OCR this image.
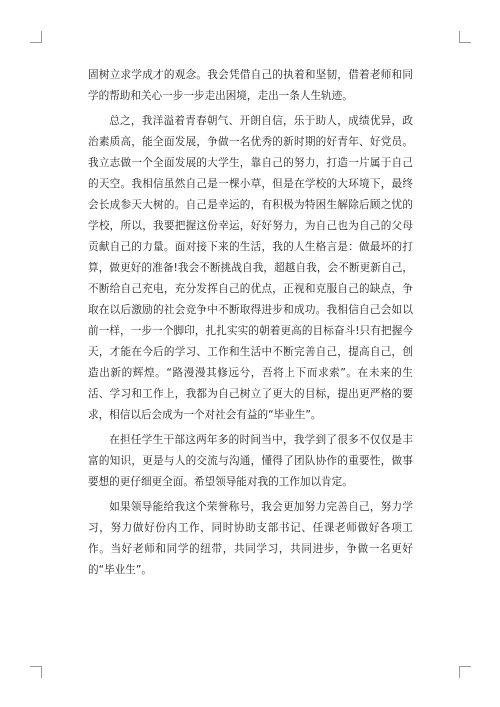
固树立求学成才的观念。我会凭借自己的执着和坚韧，借着老师和同学的帮助和关心一步一步走出困境，走出一条人生轨迹。

总之，我洋溢着青春朝气、开朗自信，乐于助人，成绩优异，政治素质高，能全面发展，争做一名优秀的新时期的好青年、好党员。我立志做一个全面发展的大学生，靠自己的努力，打造一片属于自己的天空。我相信虽然自己是一棵小草，但是在学校的大环境下，最终会长成参天大树的。自己是幸运的，有积极为特困生解除后顾之忧的学校，所以，我要把握这份幸运，好好努力，为自己也为自己的父母贡献自己的力量。面对接下来的生活，我的人生格言是：做最坏的打算，做更好的准备!我会不断挑战自我，超越自我，会不断更新自己，不断给自己充电，充分发挥自己的优点，正视和克服自己的缺点，争取在以后激励的社会竞争中不断取得进步和成功。我相信自己会如以前一样，一步一个脚印，扎扎实实的朝着更高的目标奋斗!只有把握今天，才能在今后的学习、工作和生活中不断完善自己，提高自己，创造出新的辉煌。“路漫漫其修远兮，吾将上下而求索”。在未来的生活、学习和工作上，我都为自己树立了更大的目标，提出更严格的要求，相信以后会成为一个对社会有益的“毕业生”。

在担任学生干部这两年多的时间当中，我学到了很多不仅仅是丰富的知识，更是与人的交流与沟通，懂得了团队协作的重要性，做事要想的更仔细更全面。希望领导能对我的工作加以肯定。

如果领导能给我这个荣誉称号，我会更加努力完善自己，努力学习，努力做好份内工作，同时协助支部书记、任课老师做好各项工作。当好老师和同学的纽带，共同学习，共同进步，争做一名更好的“毕业生”。
